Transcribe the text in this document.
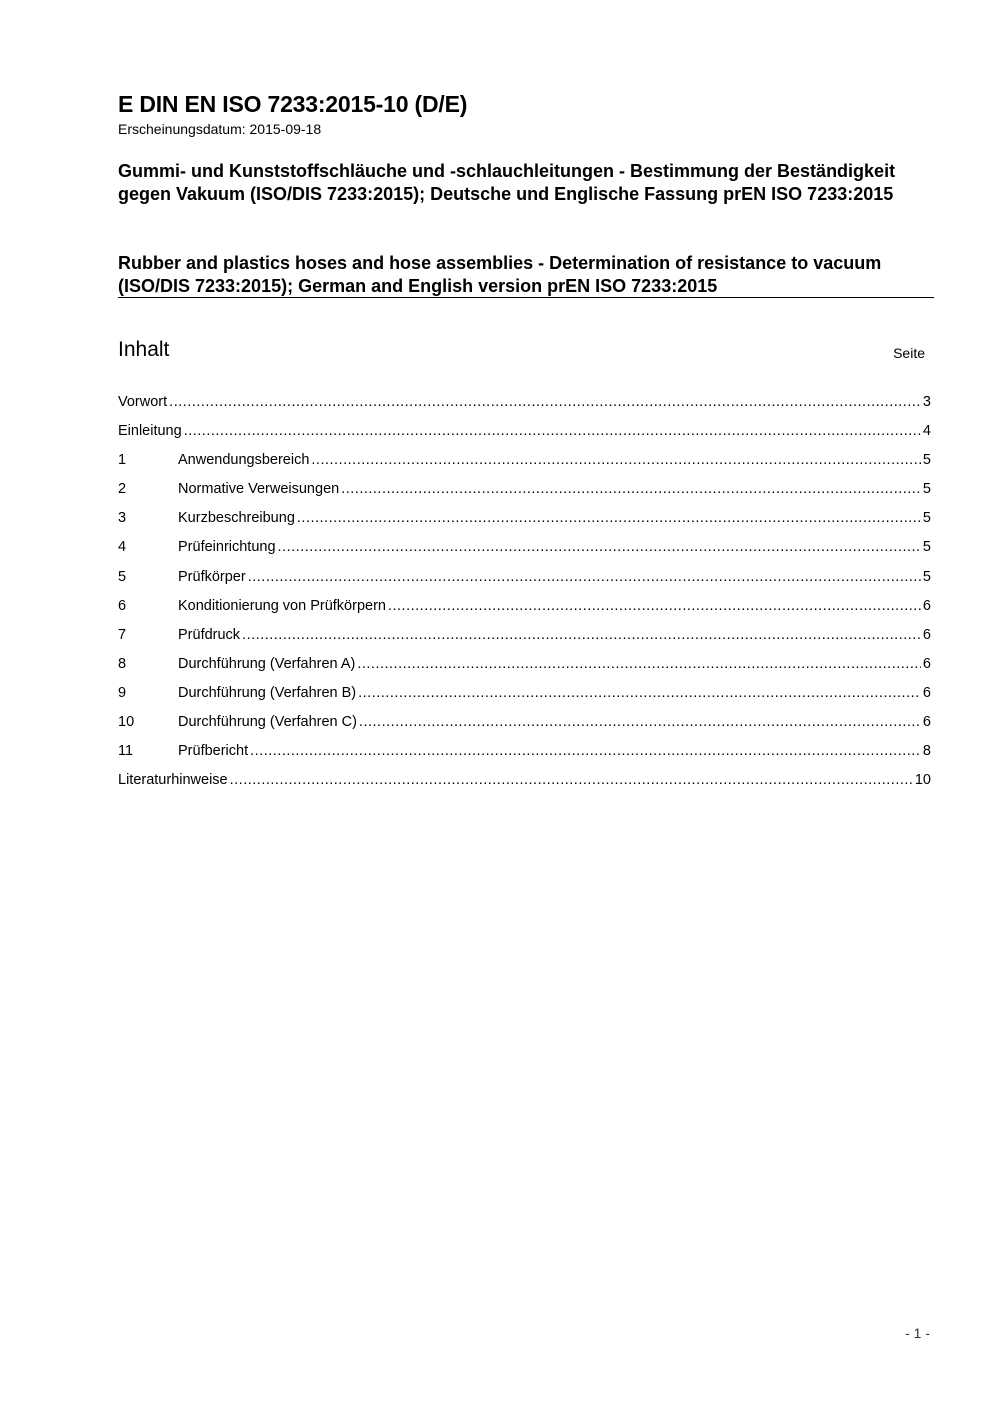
E DIN EN ISO 7233:2015-10 (D/E)
Erscheinungsdatum: 2015-09-18
Gummi- und Kunststoffschläuche und -schlauchleitungen - Bestimmung der Beständigkeit gegen Vakuum (ISO/DIS 7233:2015); Deutsche und Englische Fassung prEN ISO 7233:2015
Rubber and plastics hoses and hose assemblies - Determination of resistance to vacuum (ISO/DIS 7233:2015); German and English version prEN ISO 7233:2015
Inhalt	Seite
Vorwort .....	3
Einleitung .....	4
1	Anwendungsbereich .....	5
2	Normative Verweisungen .....	5
3	Kurzbeschreibung .....	5
4	Prüfeinrichtung .....	5
5	Prüfkörper .....	5
6	Konditionierung von Prüfkörpern .....	6
7	Prüfdruck .....	6
8	Durchführung (Verfahren A) .....	6
9	Durchführung (Verfahren B) .....	6
10	Durchführung (Verfahren C) .....	6
11	Prüfbericht .....	8
Literaturhinweise .....	10
- 1 -
